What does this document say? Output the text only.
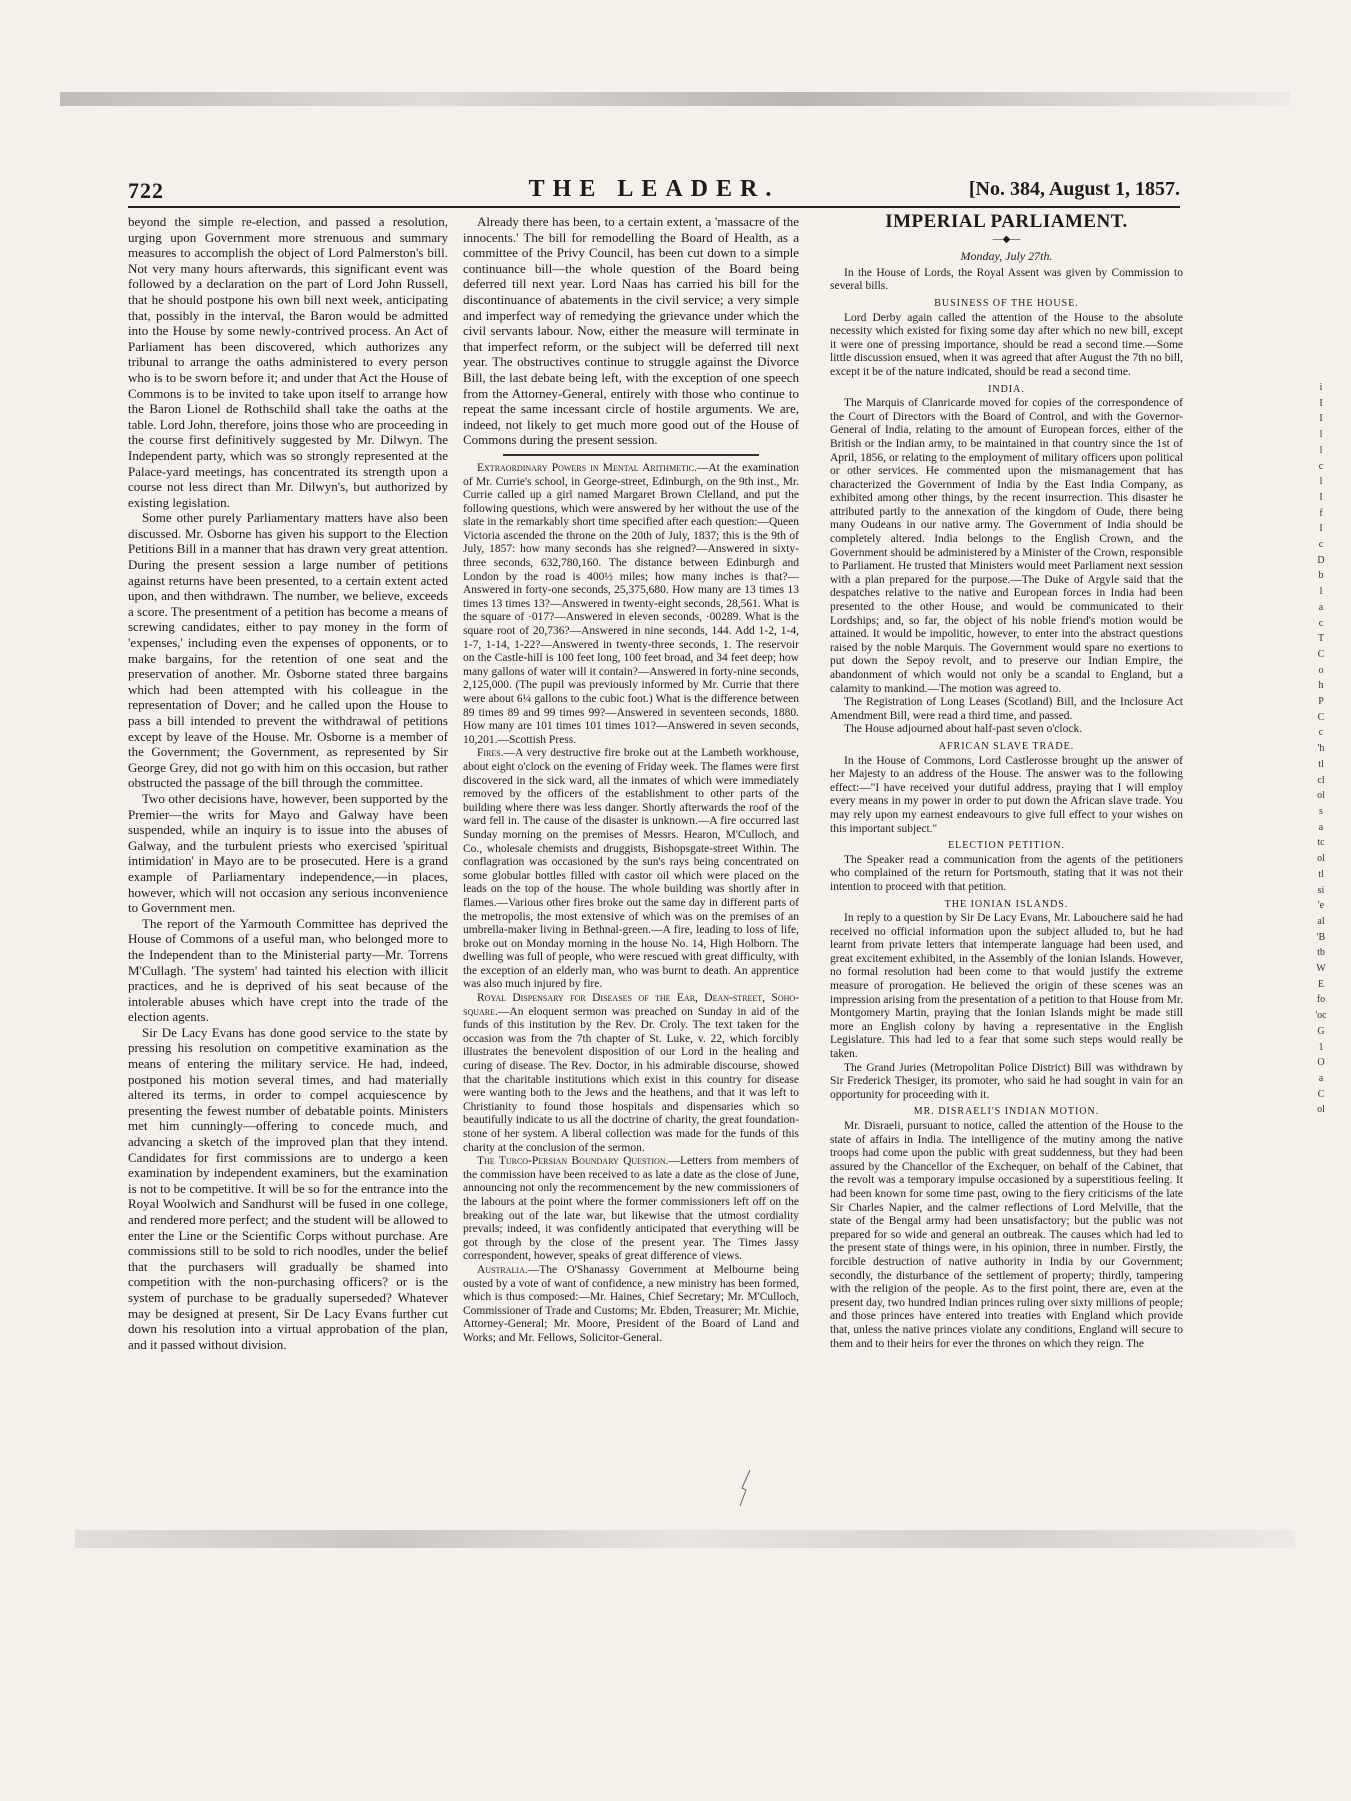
722	THE LEADER.	[No. 384, August 1, 1857.

beyond the simple re-election, and passed a resolution, urging upon Government more strenuous and summary measures to accomplish the object of Lord Palmerston's bill. Not very many hours afterwards, this significant event was followed by a declaration on the part of Lord John Russell, that he should postpone his own bill next week, anticipating that, possibly in the interval, the Baron would be admitted into the House by some newly-contrived process. An Act of Parliament has been discovered, which authorizes any tribunal to arrange the oaths administered to every person who is to be sworn before it; and under that Act the House of Commons is to be invited to take upon itself to arrange how the Baron Lionel de Rothschild shall take the oaths at the table. Lord John, therefore, joins those who are proceeding in the course first definitively suggested by Mr. Dilwyn. The Independent party, which was so strongly represented at the Palace-yard meetings, has concentrated its strength upon a course not less direct than Mr. Dilwyn's, but authorized by existing legislation.

Some other purely Parliamentary matters have also been discussed. Mr. Osborne has given his support to the Election Petitions Bill in a manner that has drawn very great attention. During the present session a large number of petitions against returns have been presented, to a certain extent acted upon, and then withdrawn. The number, we believe, exceeds a score. The presentment of a petition has become a means of screwing candidates, either to pay money in the form of 'expenses,' including even the expenses of opponents, or to make bargains, for the retention of one seat and the preservation of another. Mr. Osborne stated three bargains which had been attempted with his colleague in the representation of Dover; and he called upon the House to pass a bill intended to prevent the withdrawal of petitions except by leave of the House. Mr. Osborne is a member of the Government; the Government, as represented by Sir George Grey, did not go with him on this occasion, but rather obstructed the passage of the bill through the committee.

Two other decisions have, however, been supported by the Premier—the writs for Mayo and Galway have been suspended, while an inquiry is to issue into the abuses of Galway, and the turbulent priests who exercised 'spiritual intimidation' in Mayo are to be prosecuted. Here is a grand example of Parliamentary independence,—in places, however, which will not occasion any serious inconvenience to Government men.

The report of the Yarmouth Committee has deprived the House of Commons of a useful man, who belonged more to the Independent than to the Ministerial party—Mr. Torrens M'Cullagh. 'The system' had tainted his election with illicit practices, and he is deprived of his seat because of the intolerable abuses which have crept into the trade of the election agents.

Sir De Lacy Evans has done good service to the state by pressing his resolution on competitive examination as the means of entering the military service. He had, indeed, postponed his motion several times, and had materially altered its terms, in order to compel acquiescence by presenting the fewest number of debatable points. Ministers met him cunningly—offering to concede much, and advancing a sketch of the improved plan that they intend. Candidates for first commissions are to undergo a keen examination by independent examiners, but the examination is not to be competitive. It will be so for the entrance into the Royal Woolwich and Sandhurst will be fused in one college, and rendered more perfect; and the student will be allowed to enter the Line or the Scientific Corps without purchase. Are commissions still to be sold to rich noodles, under the belief that the purchasers will gradually be shamed into competition with the non-purchasing officers? or is the system of purchase to be gradually superseded? Whatever may be designed at present, Sir De Lacy Evans further cut down his resolution into a virtual approbation of the plan, and it passed without division.

Already there has been, to a certain extent, a 'massacre of the innocents.' The bill for remodelling the Board of Health, as a committee of the Privy Council, has been cut down to a simple continuance bill—the whole question of the Board being deferred till next year. Lord Naas has carried his bill for the discontinuance of abatements in the civil service; a very simple and imperfect way of remedying the grievance under which the civil servants labour. Now, either the measure will terminate in that imperfect reform, or the subject will be deferred till next year. The obstructives continue to struggle against the Divorce Bill, the last debate being left, with the exception of one speech from the Attorney-General, entirely with those who continue to repeat the same incessant circle of hostile arguments. We are, indeed, not likely to get much more good out of the House of Commons during the present session.

Extraordinary Powers in Mental Arithmetic.—At the examination of Mr. Currie's school, in George-street, Edinburgh, on the 9th inst., Mr. Currie called up a girl named Margaret Brown Clelland, and put the following questions, which were answered by her without the use of the slate in the remarkably short time specified after each question:—Queen Victoria ascended the throne on the 20th of July, 1837; this is the 9th of July, 1857: how many seconds has she reigned?—Answered in sixty-three seconds, 632,780,160. The distance between Edinburgh and London by the road is 400½ miles; how many inches is that?—Answered in forty-one seconds, 25,375,680. How many are 13 times 13 times 13 times 13?—Answered in twenty-eight seconds, 28,561. What is the square of ·017?—Answered in eleven seconds, ·00289. What is the square root of 20,736?—Answered in nine seconds, 144. Add 1-2, 1-4, 1-7, 1-14, 1-22?—Answered in twenty-three seconds, 1. The reservoir on the Castle-hill is 100 feet long, 100 feet broad, and 34 feet deep; how many gallons of water will it contain?—Answered in forty-nine seconds, 2,125,000. (The pupil was previously informed by Mr. Currie that there were about 6¼ gallons to the cubic foot.) What is the difference between 89 times 89 and 99 times 99?—Answered in seventeen seconds, 1880. How many are 101 times 101 times 101?—Answered in seven seconds, 10,201.—Scottish Press.

Fires.—A very destructive fire broke out at the Lambeth workhouse, about eight o'clock on the evening of Friday week. The flames were first discovered in the sick ward, all the inmates of which were immediately removed by the officers of the establishment to other parts of the building where there was less danger. Shortly afterwards the roof of the ward fell in. The cause of the disaster is unknown.—A fire occurred last Sunday morning on the premises of Messrs. Hearon, M'Culloch, and Co., wholesale chemists and druggists, Bishopsgate-street Within. The conflagration was occasioned by the sun's rays being concentrated on some globular bottles filled with castor oil which were placed on the leads on the top of the house. The whole building was shortly after in flames.—Various other fires broke out the same day in different parts of the metropolis, the most extensive of which was on the premises of an umbrella-maker living in Bethnal-green.—A fire, leading to loss of life, broke out on Monday morning in the house No. 14, High Holborn. The dwelling was full of people, who were rescued with great difficulty, with the exception of an elderly man, who was burnt to death. An apprentice was also much injured by fire.

Royal Dispensary for Diseases of the Ear, Dean-street, Soho-square.—An eloquent sermon was preached on Sunday in aid of the funds of this institution by the Rev. Dr. Croly. The text taken for the occasion was from the 7th chapter of St. Luke, v. 22, which forcibly illustrates the benevolent disposition of our Lord in the healing and curing of disease. The Rev. Doctor, in his admirable discourse, showed that the charitable institutions which exist in this country for disease were wanting both to the Jews and the heathens, and that it was left to Christianity to found those hospitals and dispensaries which so beautifully indicate to us all the doctrine of charity, the great foundation-stone of her system. A liberal collection was made for the funds of this charity at the conclusion of the sermon.

The Turco-Persian Boundary Question.—Letters from members of the commission have been received to as late a date as the close of June, announcing not only the recommencement by the new commissioners of the labours at the point where the former commissioners left off on the breaking out of the late war, but likewise that the utmost cordiality prevails; indeed, it was confidently anticipated that everything will be got through by the close of the present year. The Times Jassy correspondent, however, speaks of great difference of views.

Australia.—The O'Shanassy Government at Melbourne being ousted by a vote of want of confidence, a new ministry has been formed, which is thus composed:—Mr. Haines, Chief Secretary; Mr. M'Culloch, Commissioner of Trade and Customs; Mr. Ebden, Treasurer; Mr. Michie, Attorney-General; Mr. Moore, President of the Board of Land and Works; and Mr. Fellows, Solicitor-General.

IMPERIAL PARLIAMENT.
—◆—
Monday, July 27th.

In the House of Lords, the Royal Assent was given by Commission to several bills.

BUSINESS OF THE HOUSE.

Lord Derby again called the attention of the House to the absolute necessity which existed for fixing some day after which no new bill, except it were one of pressing importance, should be read a second time.—Some little discussion ensued, when it was agreed that after August the 7th no bill, except it be of the nature indicated, should be read a second time.

INDIA.

The Marquis of Clanricarde moved for copies of the correspondence of the Court of Directors with the Board of Control, and with the Governor-General of India, relating to the amount of European forces, either of the British or the Indian army, to be maintained in that country since the 1st of April, 1856, or relating to the employment of military officers upon political or other services. He commented upon the mismanagement that has characterized the Government of India by the East India Company, as exhibited among other things, by the recent insurrection. This disaster he attributed partly to the annexation of the kingdom of Oude, there being many Oudeans in our native army. The Government of India should be completely altered. India belongs to the English Crown, and the Government should be administered by a Minister of the Crown, responsible to Parliament. He trusted that Ministers would meet Parliament next session with a plan prepared for the purpose.—The Duke of Argyle said that the despatches relative to the native and European forces in India had been presented to the other House, and would be communicated to their Lordships; and, so far, the object of his noble friend's motion would be attained. It would be impolitic, however, to enter into the abstract questions raised by the noble Marquis. The Government would spare no exertions to put down the Sepoy revolt, and to preserve our Indian Empire, the abandonment of which would not only be a scandal to England, but a calamity to mankind.—The motion was agreed to.

The Registration of Long Leases (Scotland) Bill, and the Inclosure Act Amendment Bill, were read a third time, and passed.

The House adjourned about half-past seven o'clock.

AFRICAN SLAVE TRADE.

In the House of Commons, Lord Castlerosse brought up the answer of her Majesty to an address of the House. The answer was to the following effect:—"I have received your dutiful address, praying that I will employ every means in my power in order to put down the African slave trade. You may rely upon my earnest endeavours to give full effect to your wishes on this important subject."

ELECTION PETITION.

The Speaker read a communication from the agents of the petitioners who complained of the return for Portsmouth, stating that it was not their intention to proceed with that petition.

THE IONIAN ISLANDS.

In reply to a question by Sir De Lacy Evans, Mr. Labouchere said he had received no official information upon the subject alluded to, but he had learnt from private letters that intemperate language had been used, and great excitement exhibited, in the Assembly of the Ionian Islands. However, no formal resolution had been come to that would justify the extreme measure of prorogation. He believed the origin of these scenes was an impression arising from the presentation of a petition to that House from Mr. Montgomery Martin, praying that the Ionian Islands might be made still more an English colony by having a representative in the English Legislature. This had led to a fear that some such steps would really be taken.

The Grand Juries (Metropolitan Police District) Bill was withdrawn by Sir Frederick Thesiger, its promoter, who said he had sought in vain for an opportunity for proceeding with it.

MR. DISRAELI'S INDIAN MOTION.

Mr. Disraeli, pursuant to notice, called the attention of the House to the state of affairs in India. The intelligence of the mutiny among the native troops had come upon the public with great suddenness, but they had been assured by the Chancellor of the Exchequer, on behalf of the Cabinet, that the revolt was a temporary impulse occasioned by a superstitious feeling. It had been known for some time past, owing to the fiery criticisms of the late Sir Charles Napier, and the calmer reflections of Lord Melville, that the state of the Bengal army had been unsatisfactory; but the public was not prepared for so wide and general an outbreak. The causes which had led to the present state of things were, in his opinion, three in number. Firstly, the forcible destruction of native authority in India by our Government; secondly, the disturbance of the settlement of property; thirdly, tampering with the religion of the people. As to the first point, there are, even at the present day, two hundred Indian princes ruling over sixty millions of people; and those princes have entered into treaties with England which provide that, unless the native princes violate any conditions, England will secure to them and to their heirs for ever the thrones on which they reign. The

i
I
I
l
l
c
l
I
f
I
c
D
b
l
a
c
T
C
o
h
P
C
c
'h
tl
cl
ol
s
a
tc
ol
tl
si
'e
al
'B
tb
W
E
fo
'oc
G
1
O
a
C
ol
